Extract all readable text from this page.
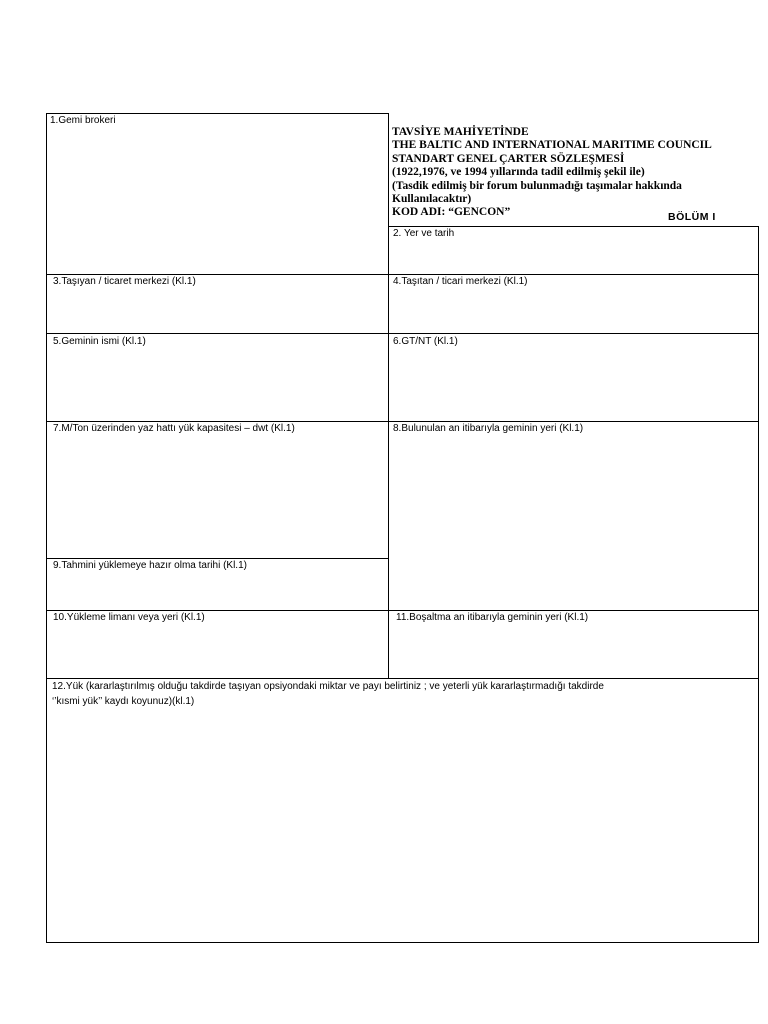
1.Gemi brokeri
TAVSİYE MAHİYETİNDE
THE BALTIC AND INTERNATIONAL MARITIME COUNCIL
STANDART GENEL ÇARTER SÖZLEŞMESİ
(1922,1976, ve 1994 yıllarında tadil edilmiş şekil ile)
(Tasdik edilmiş bir forum bulunmadığı taşımalar hakkında
Kullanılacaktır)
KOD ADI: “GENCON”	BÖLÜM I
2. Yer ve tarih
3.Taşıyan / ticaret merkezi (Kl.1)	4.Taşıtan / ticari merkezi (Kl.1)
5.Geminin ismi (Kl.1)	6.GT/NT (Kl.1)
7.M/Ton üzerinden yaz hattı yük kapasitesi – dwt (Kl.1)	8.Bulunulan an itibarıyla geminin yeri (Kl.1)
9.Tahmini yüklemeye hazır olma tarihi (Kl.1)
10.Yükleme limanı veya yeri (Kl.1)	11.Boşaltma an itibarıyla geminin yeri (Kl.1)
12.Yük (kararlaştırılmış olduğu takdirde taşıyan opsiyondaki miktar ve payı belirtiniz ; ve yeterli yük kararlaştırmadığı takdirde
‘’kısmi yük’’ kaydı koyunuz)(kl.1)
